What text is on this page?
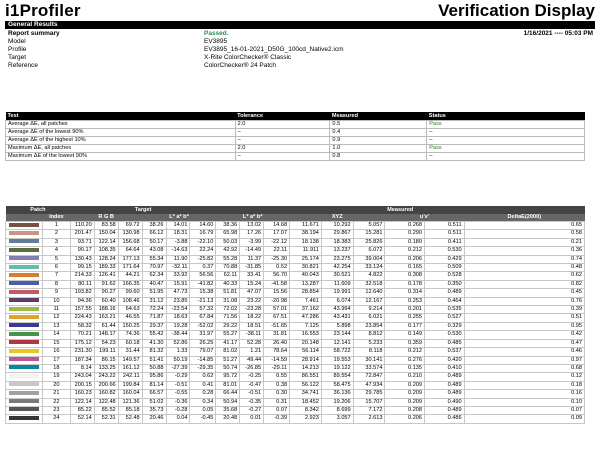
i1Profiler	Verification Display
General Results
Report summary	Passed.	1/16/2021 ---- 05:03 PM
Model	EV3895
Profile	EV3895_16-01-2021_D50G_100cd_Native2.icm
Target	X-Rite ColorChecker® Classic
Reference	ColorChecker® 24 Patch
Test	Tolerance	Measured	Status
Average ΔE, all patches	2.0	0.5	Pass
Average ΔE of the lowest 90%	–	0.4	–
Average ΔE of the highest 10%	–	0.9	–
Maximum ΔE, all patches	2.0	1.0	Pass
Maximum ΔE of the lowest 90%	–	0.8	–
Patch		Target						Measured								
	Index	R G B			L* a* b*			L* a* b*			XYZ			u'v'		DeltaE(2000)
	1	110.20	83.58	69.72	38.26	14.01	14.60	38.36	13.02	14.68	11.671	10.292	5.057	0.268	0.511	0.65
	2	201.47	150.04	130.98	66.12	18.31	16.79	65.98	17.26	17.07	38.194	29.867	15.281	0.290	0.511	0.58
	3	93.71	122.14	156.68	50.17	-3.88	-22.10	50.03	-3.99	-22.12	18.138	18.383	25.826	0.180	0.411	0.21
	4	90.17	108.35	64.64	43.08	-14.63	22.24	42.92	-14.49	22.11	11.911	13.237	6.072	0.212	0.530	0.36
	5	130.43	128.24	177.13	55.34	11.90	-25.82	55.28	11.37	-25.30	25.174	23.275	39.004	0.206	0.429	0.74
	6	99.15	189.33	171.64	70.97	-32.11	0.37	70.88	-31.85	0.52	30.821	42.254	33.124	0.165	0.509	0.48
	7	214.33	126.41	44.21	62.34	33.92	56.56	62.11	33.41	56.70	40.043	30.521	4.822	0.308	0.528	0.62
	8	80.11	91.62	166.35	40.47	15.91	-41.82	40.33	15.24	-41.58	13.287	11.609	32.518	0.178	0.350	0.82
	9	193.82	90.27	99.60	51.95	47.73	15.38	51.81	47.07	15.56	28.854	19.991	12.640	0.314	0.489	0.45
	10	94.36	60.40	108.46	31.12	23.85	-21.13	31.08	23.22	-20.98	7.461	6.074	12.167	0.253	0.464	0.76
	11	157.55	188.16	64.63	72.24	-23.54	57.32	72.02	-23.28	57.01	37.162	43.994	9.214	0.201	0.535	0.39
	12	224.43	163.21	46.55	71.87	18.63	67.84	71.56	18.22	67.51	47.286	43.431	6.021	0.255	0.527	0.51
	13	58.32	61.44	150.25	29.37	19.28	-52.02	29.22	18.51	-51.65	7.125	5.898	23.854	0.177	0.329	0.95
	14	70.21	148.17	74.36	55.42	-38.44	31.97	55.27	-38.11	31.81	16.553	23.144	8.812	0.149	0.530	0.42
	15	175.12	54.23	60.18	41.30	52.86	26.25	41.17	52.28	26.40	20.148	12.141	5.233	0.359	0.485	0.47
	16	231.30	199.11	31.44	81.32	1.33	79.07	81.02	1.21	78.64	56.114	58.722	8.118	0.212	0.537	0.46
	17	187.34	86.15	149.57	51.41	50.19	-14.85	51.27	49.44	-14.59	28.914	19.553	30.141	0.276	0.420	0.97
	18	8.14	133.25	161.12	50.88	-27.39	-29.35	50.74	-26.85	-29.11	14.213	19.122	33.574	0.135	0.410	0.68
	19	243.04	243.22	242.11	95.86	-0.29	0.62	95.72	-0.25	0.55	86.551	89.554	72.847	0.210	0.489	0.12
	20	200.15	200.66	199.84	81.14	-0.51	0.41	81.01	-0.47	0.38	56.122	58.475	47.934	0.209	0.489	0.18
	21	160.23	160.82	160.04	66.57	-0.55	0.28	66.44	-0.51	0.30	34.741	36.136	29.785	0.209	0.489	0.16
	22	122.14	122.48	121.36	51.02	-0.36	0.34	50.94	-0.35	0.31	18.452	19.206	15.707	0.209	0.490	0.10
	23	85.22	85.52	85.18	35.73	-0.28	0.05	35.68	-0.27	0.07	8.342	8.699	7.172	0.208	0.489	0.07
	24	52.14	52.31	52.48	20.46	0.04	-0.45	20.48	0.01	-0.39	2.923	3.057	2.613	0.206	0.486	0.09
